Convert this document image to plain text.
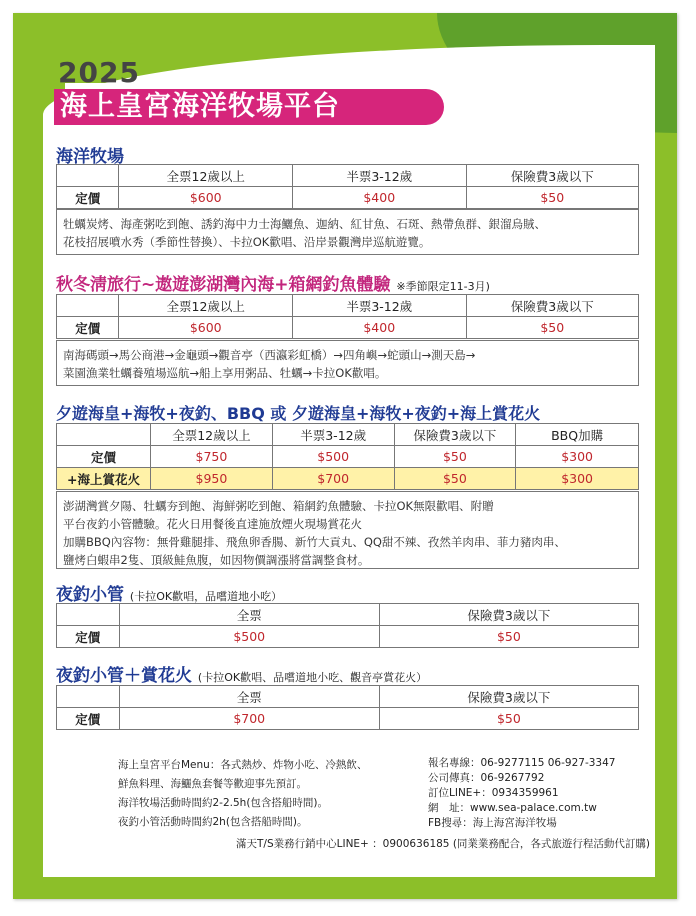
2025
海上皇宮海洋牧場平台
海洋牧場
	全票12歲以上	半票3-12歲	保險費3歲以下
定價	$600	$400	$50
牡蠣炭烤、海產粥吃到飽、誘釣海中力士海鱺魚、迦納、紅甘魚、石斑、熱帶魚群、銀溜烏賊、
花枝招展噴水秀（季節性替換）、卡拉OK歡唱、沿岸景觀灣岸巡航遊覽。
秋冬淸旅行~遨遊澎湖灣內海+箱網釣魚體驗 ※季節限定11-3月)
	全票12歲以上	半票3-12歲	保險費3歲以下
定價	$600	$400	$50
南海碼頭→馬公商港→金龜頭→觀音亭（西瀛彩虹橋）→四角嶼→蛇頭山→測天島→
菜園漁業牡蠣養殖場巡航→船上享用粥品、牡蠣→卡拉OK歡唱。
夕遊海皇+海牧+夜釣、BBQ 或 夕遊海皇+海牧+夜釣+海上賞花火
	全票12歲以上	半票3-12歲	保險費3歲以下	BBQ加購
定價	$750	$500	$50	$300
+海上賞花火	$950	$700	$50	$300
澎湖灣賞夕陽、牡蠣夯到飽、海鮮粥吃到飽、箱網釣魚體驗、卡拉OK無限歡唱、附贈
平台夜釣小管體驗。花火日用餐後直達施放煙火現場賞花火
加購BBQ內容物：無骨雞腿排、飛魚卵香腸、新竹大貢丸、QQ甜不辣、孜然羊肉串、菲力豬肉串、
鹽烤白蝦串2隻、頂級鮭魚腹，如因物價調漲將當調整食材。
夜釣小管 (卡拉OK歡唱，品嚐道地小吃）
	全票	保險費3歲以下
定價	$500	$50
夜釣小管＋賞花火 (卡拉OK歡唱、品嚐道地小吃、觀音亭賞花火）
	全票	保險費3歲以下
定價	$700	$50
海上皇宮平台Menu：各式熱炒、炸物小吃、冷熱飲、
鮮魚料理、海鱺魚套餐等歡迎事先預訂。
海洋牧場活動時間約2-2.5h(包含搭船時間)。
夜釣小管活動時間約2h(包含搭船時間)。
報名專線：06-9277115 06-927-3347
公司傳真：06-9267792
訂位LINE+：0934359961
網　址：www.sea-palace.com.tw
FB搜尋：海上海宮海洋牧場
滿天T/S業務行銷中心LINE+ ：0900636185 (同業業務配合，各式旅遊行程活動代訂購)
